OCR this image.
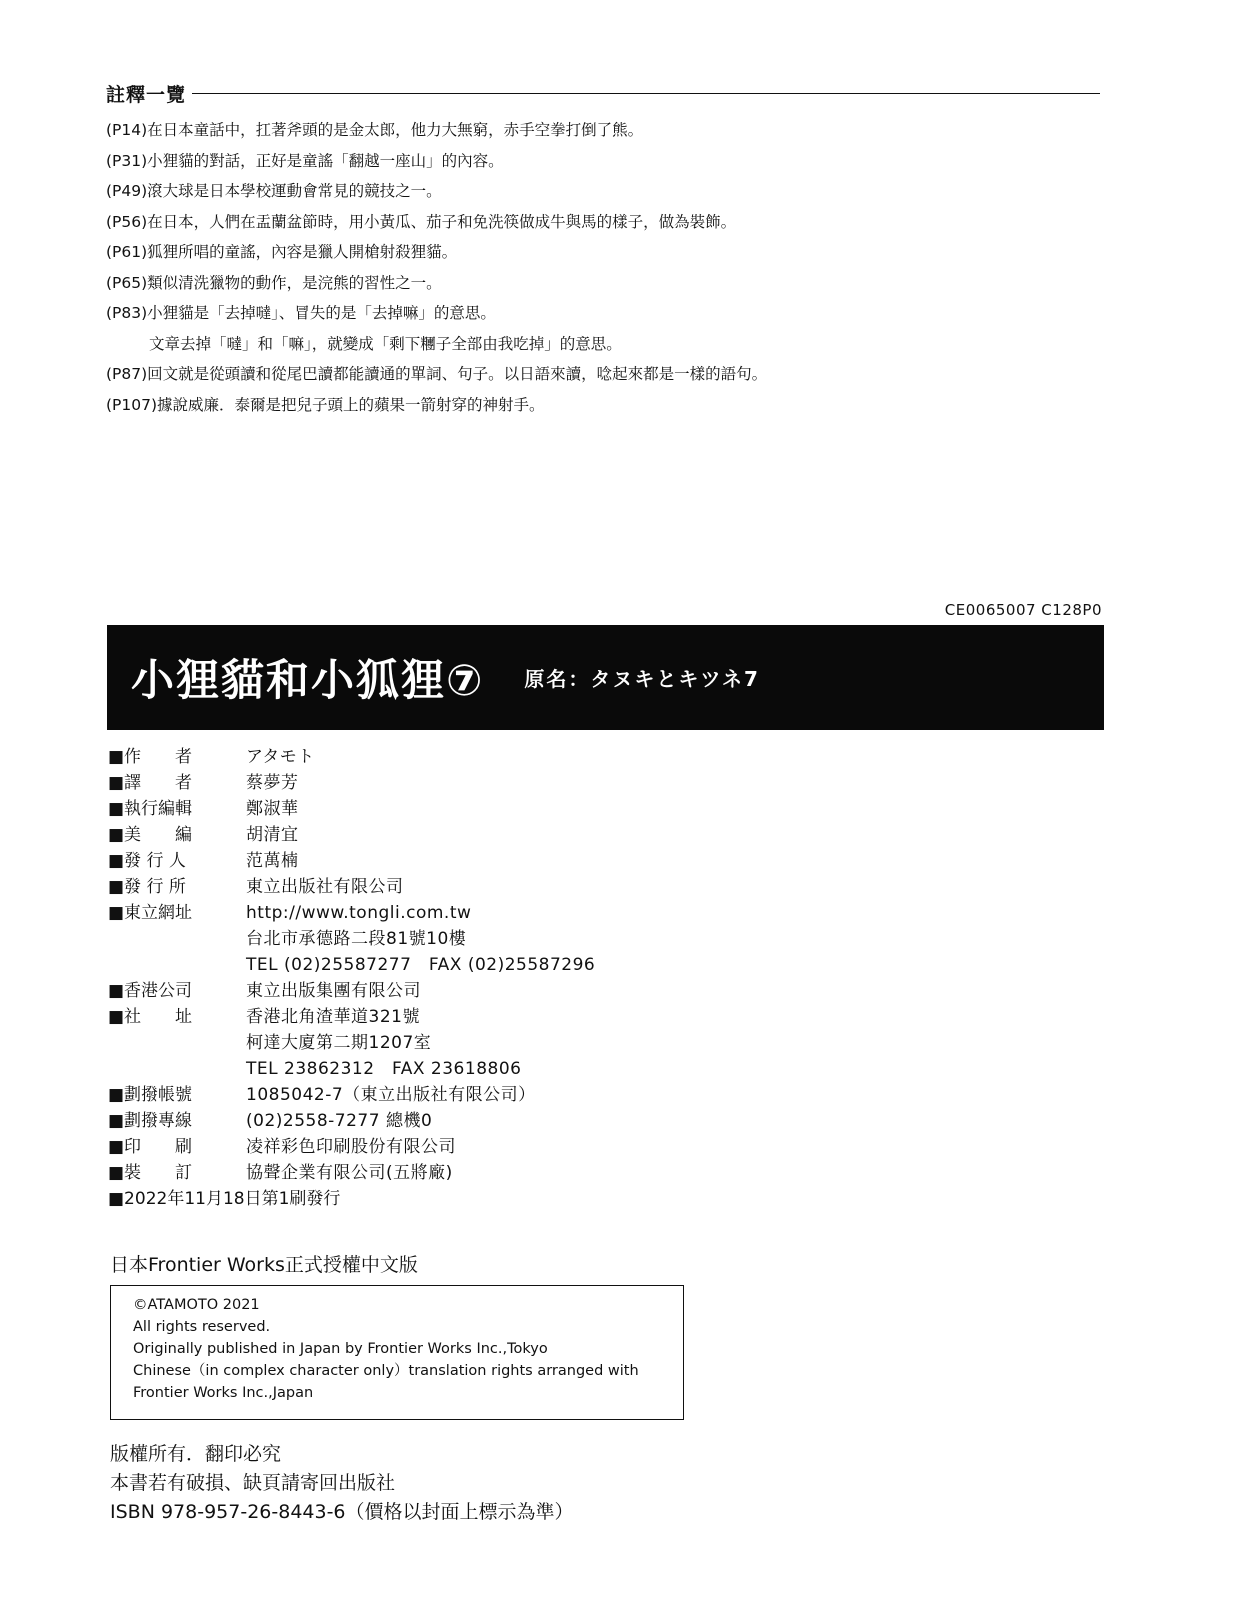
註釋一覽
(P14)在日本童話中，扛著斧頭的是金太郎，他力大無窮，赤手空拳打倒了熊。
(P31)小狸貓的對話，正好是童謠「翻越一座山」的內容。
(P49)滾大球是日本學校運動會常見的競技之一。
(P56)在日本，人們在盂蘭盆節時，用小黃瓜、茄子和免洗筷做成牛與馬的樣子，做為裝飾。
(P61)狐狸所唱的童謠，內容是獵人開槍射殺狸貓。
(P65)類似清洗獵物的動作，是浣熊的習性之一。
(P83)小狸貓是「去掉噠」、冒失的是「去掉嘛」的意思。
文章去掉「噠」和「嘛」，就變成「剩下糰子全部由我吃掉」的意思。
(P87)回文就是從頭讀和從尾巴讀都能讀通的單詞、句子。以日語來讀，唸起來都是一樣的語句。
(P107)據說威廉．泰爾是把兒子頭上的蘋果一箭射穿的神射手。
CE0065007 C128P0
小狸貓和小狐狸⑦ 原名：タヌキとキツネ7
■作　　者	アタモト
■譯　　者	蔡夢芳
■執行編輯	鄭淑華
■美　　編	胡清宜
■發 行 人	范萬楠
■發 行 所	東立出版社有限公司
■東立網址	http://www.tongli.com.tw
台北市承德路二段81號10樓
TEL (02)25587277　FAX (02)25587296
■香港公司	東立出版集團有限公司
■社　　址	香港北角渣華道321號
柯達大廈第二期1207室
TEL 23862312　FAX 23618806
■劃撥帳號	1085042-7（東立出版社有限公司）
■劃撥專線	(02)2558-7277 總機0
■印　　刷	凌祥彩色印刷股份有限公司
■裝　　訂	協聲企業有限公司(五將廠)
■2022年11月18日第1刷發行
日本Frontier Works正式授權中文版
©ATAMOTO 2021
All rights reserved.
Originally published in Japan by Frontier Works Inc.,Tokyo
Chinese（in complex character only）translation rights arranged with
Frontier Works Inc.,Japan
版權所有．翻印必究
本書若有破損、缺頁請寄回出版社
ISBN 978-957-26-8443-6（價格以封面上標示為準）
